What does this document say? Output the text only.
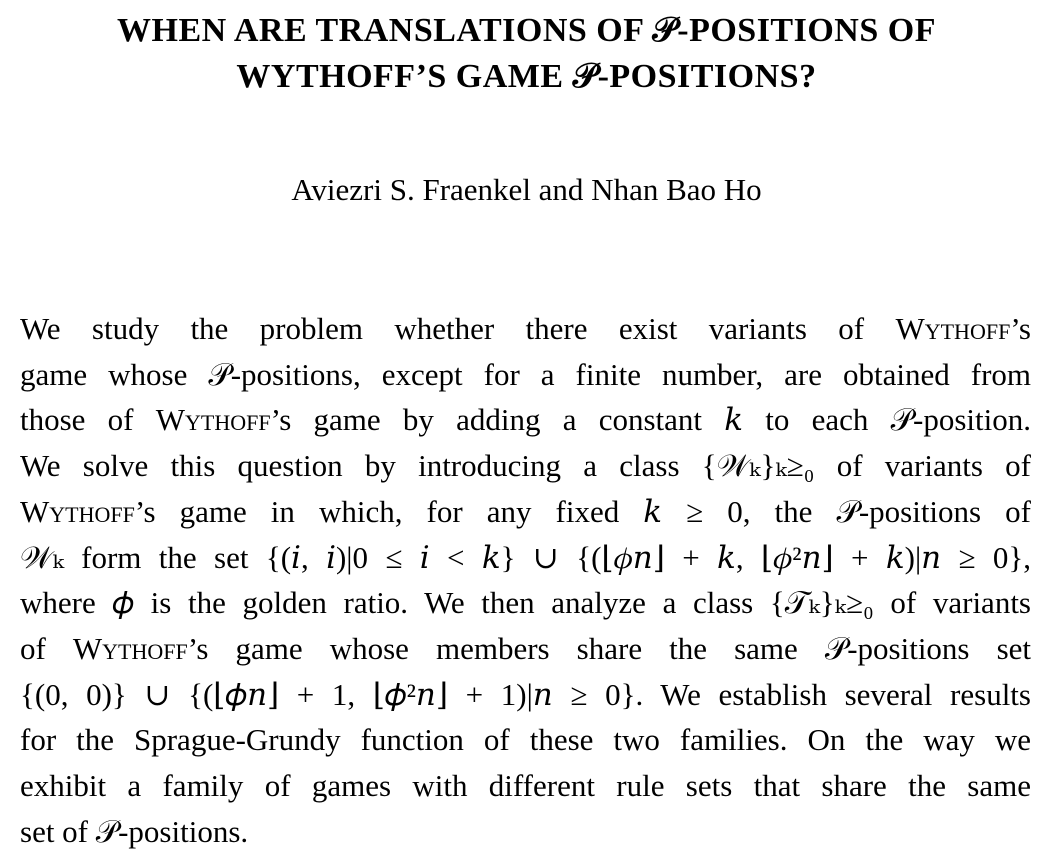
WHEN ARE TRANSLATIONS OF 𝒫-POSITIONS OF
WYTHOFF’S GAME 𝒫-POSITIONS?
Aviezri S. Fraenkel and Nhan Bao Ho
We study the problem whether there exist variants of Wythoff’s
game whose 𝒫-positions, except for a finite number, are obtained from
those of Wythoff’s game by adding a constant 𝑘 to each 𝒫-position.
We solve this question by introducing a class {𝒲ₖ}ₖ≥₀ of variants of
Wythoff’s game in which, for any fixed 𝑘 ≥ 0, the 𝒫-positions of
𝒲ₖ form the set {(𝑖, 𝑖)|0 ≤ 𝑖 < 𝑘} ∪ {(⌊𝜙𝑛⌋ + 𝑘, ⌊𝜙²𝑛⌋ + 𝑘)|𝑛 ≥ 0},
where 𝜙 is the golden ratio. We then analyze a class {𝒯ₖ}ₖ≥₀ of variants
of Wythoff’s game whose members share the same 𝒫-positions set
{(0, 0)} ∪ {(⌊𝜙𝑛⌋ + 1, ⌊𝜙²𝑛⌋ + 1)|𝑛 ≥ 0}. We establish several results
for the Sprague-Grundy function of these two families. On the way we
exhibit a family of games with different rule sets that share the same
set of 𝒫-positions.
